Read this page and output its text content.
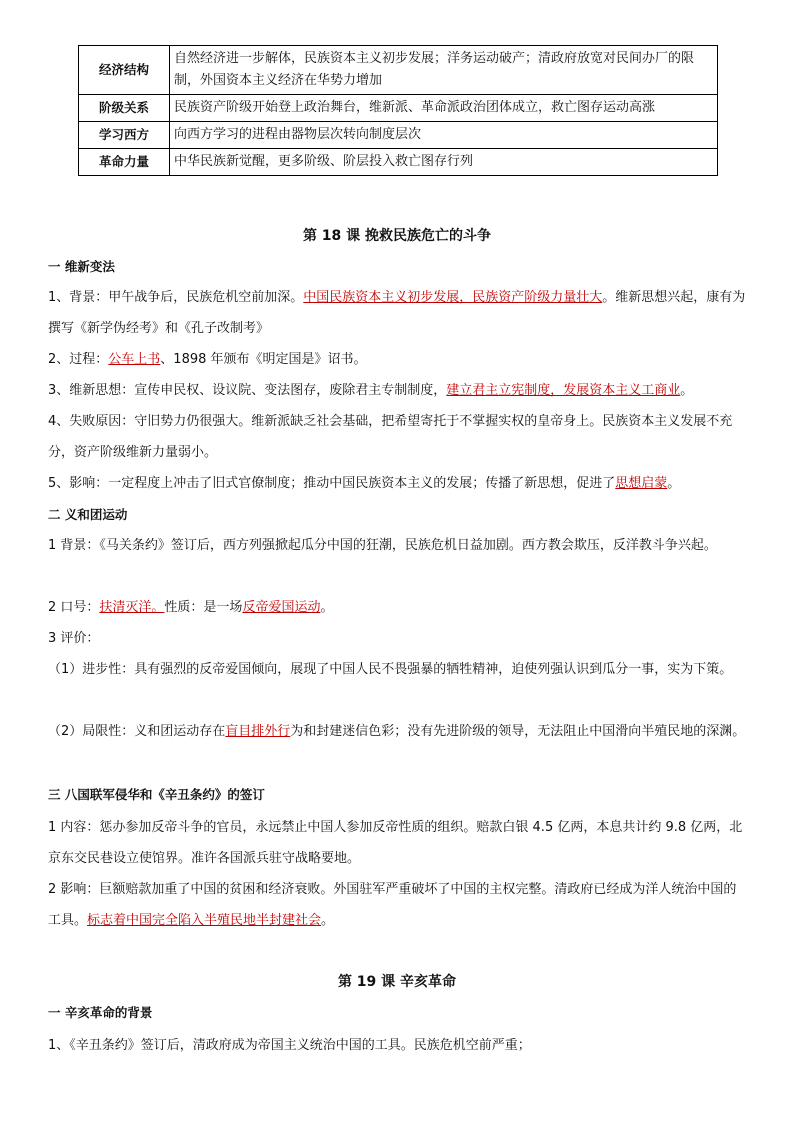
经济结构	自然经济进一步解体，民族资本主义初步发展；洋务运动破产；清政府放宽对民间办厂的限制，外国资本主义经济在华势力增加
阶级关系	民族资产阶级开始登上政治舞台，维新派、革命派政治团体成立，救亡图存运动高涨
学习西方	向西方学习的进程由器物层次转向制度层次
革命力量	中华民族新觉醒，更多阶级、阶层投入救亡图存行列
第 18 课 挽救民族危亡的斗争
一 维新变法
1、背景：甲午战争后，民族危机空前加深。中国民族资本主义初步发展，民族资产阶级力量壮大。维新思想兴起，康有为撰写《新学伪经考》和《孔子改制考》
2、过程：公车上书、1898 年颁布《明定国是》诏书。
3、维新思想：宣传申民权、设议院、变法图存，废除君主专制制度，建立君主立宪制度，发展资本主义工商业。
4、失败原因：守旧势力仍很强大。维新派缺乏社会基础，把希望寄托于不掌握实权的皇帝身上。民族资本主义发展不充分，资产阶级维新力量弱小。
5、影响：一定程度上冲击了旧式官僚制度；推动中国民族资本主义的发展；传播了新思想，促进了思想启蒙。
二 义和团运动
1 背景：《马关条约》签订后，西方列强掀起瓜分中国的狂潮，民族危机日益加剧。西方教会欺压，反洋教斗争兴起。
2 口号：扶清灭洋。性质：是一场反帝爱国运动。
3 评价：
（1）进步性：具有强烈的反帝爱国倾向，展现了中国人民不畏强暴的牺牲精神，迫使列强认识到瓜分一事，实为下策。
（2）局限性：义和团运动存在盲目排外行为和封建迷信色彩；没有先进阶级的领导，无法阻止中国滑向半殖民地的深渊。
三 八国联军侵华和《辛丑条约》的签订
1 内容：惩办参加反帝斗争的官员，永远禁止中国人参加反帝性质的组织。赔款白银 4.5 亿两，本息共计约 9.8 亿两，北京东交民巷设立使馆界。准许各国派兵驻守战略要地。
2 影响：巨额赔款加重了中国的贫困和经济衰败。外国驻军严重破坏了中国的主权完整。清政府已经成为洋人统治中国的工具。标志着中国完全陷入半殖民地半封建社会。
第 19 课 辛亥革命
一 辛亥革命的背景
1、《辛丑条约》签订后，清政府成为帝国主义统治中国的工具。民族危机空前严重；
